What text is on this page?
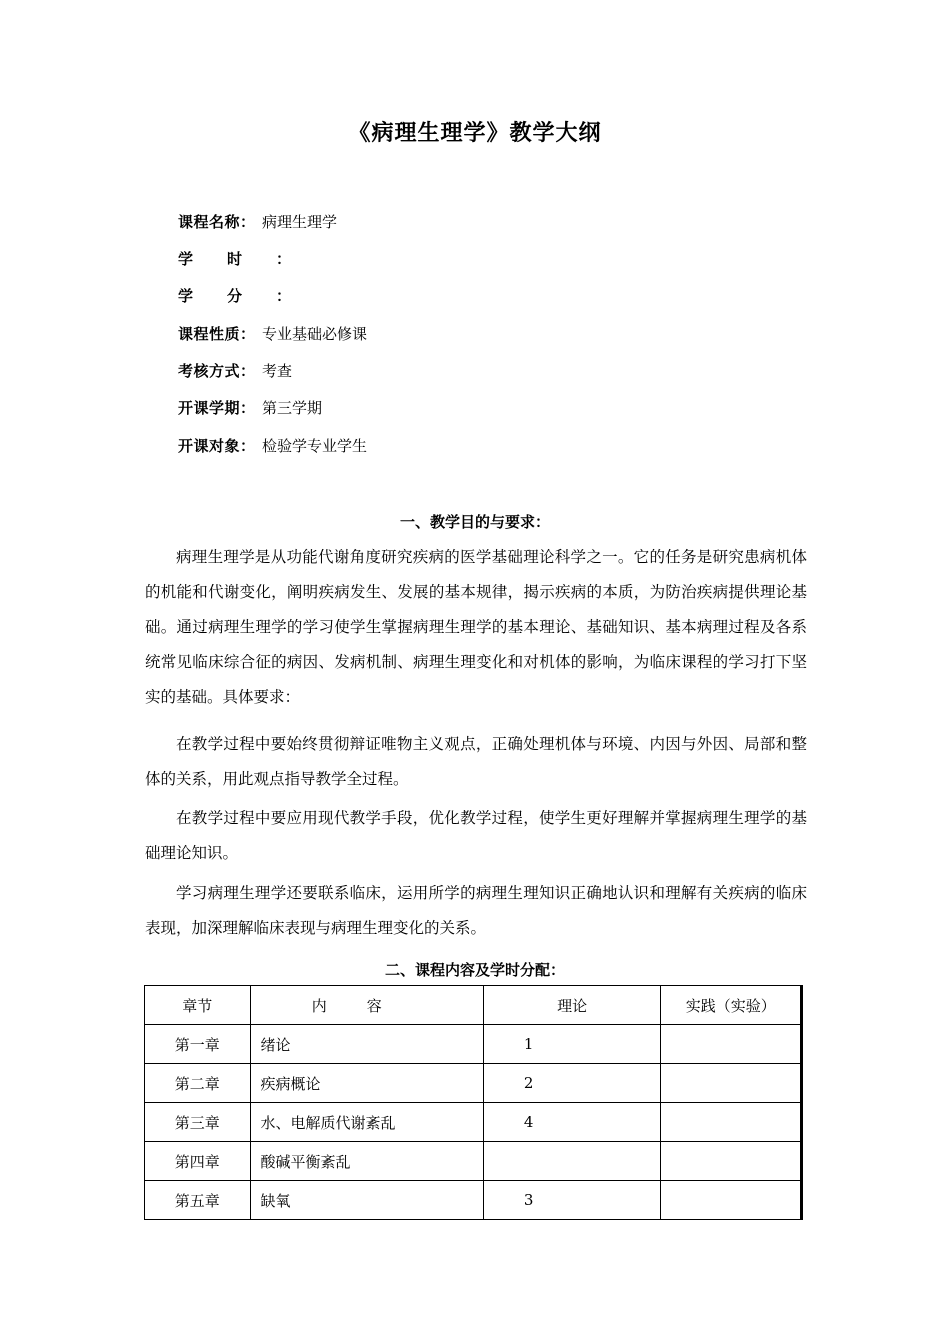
《病理生理学》教学大纲
课程名称： 病理生理学
学时：
学分：
课程性质： 专业基础必修课
考核方式： 考查
开课学期： 第三学期
开课对象： 检验学专业学生
一、教学目的与要求：
病理生理学是从功能代谢角度研究疾病的医学基础理论科学之一。它的任务是研究患病机体的机能和代谢变化，阐明疾病发生、发展的基本规律，揭示疾病的本质，为防治疾病提供理论基础。通过病理生理学的学习使学生掌握病理生理学的基本理论、基础知识、基本病理过程及各系统常见临床综合征的病因、发病机制、病理生理变化和对机体的影响，为临床课程的学习打下坚实的基础。具体要求：
在教学过程中要始终贯彻辩证唯物主义观点，正确处理机体与环境、内因与外因、局部和整体的关系，用此观点指导教学全过程。
在教学过程中要应用现代教学手段，优化教学过程，使学生更好理解并掌握病理生理学的基础理论知识。
学习病理生理学还要联系临床，运用所学的病理生理知识正确地认识和理解有关疾病的临床表现，加深理解临床表现与病理生理变化的关系。
二、课程内容及学时分配：
章节	内容	理论	实践（实验）
第一章	绪论	1	
第二章	疾病概论	2	
第三章	水、电解质代谢紊乱	4	
第四章	酸碱平衡紊乱		
第五章	缺氧	3	
